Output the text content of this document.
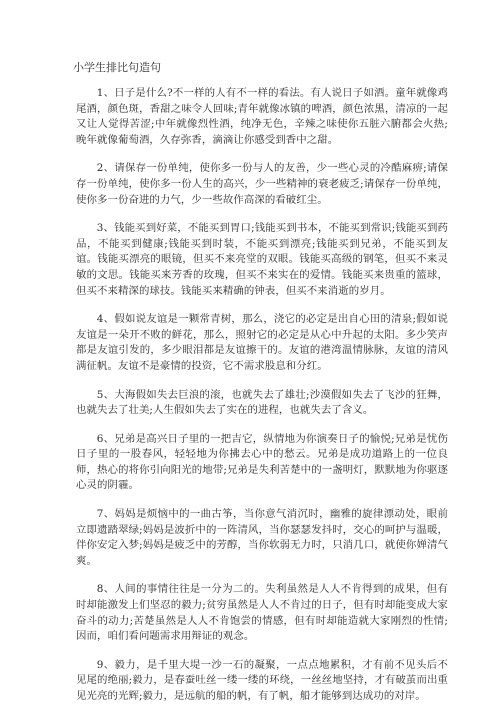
小学生排比句造句

1、日子是什么?不一样的人有不一样的看法。有人说日子如酒。童年就像鸡尾酒，颜色斑，香甜之味令人回味;青年就像冰镇的啤酒，颜色浓黑，清凉的一起又让人觉得苦涩;中年就像烈性酒，纯净无色，辛辣之味使你五脏六腑都会火热;晚年就像葡萄酒，久存弥香，滴滴让你感受到香中之甜。

2、请保存一份单纯，使你多一份与人的友善，少一些心灵的冷酷麻痹;请保存一份单纯，使你多一份人生的高兴，少一些精神的衰老疲乏;请保存一份单纯，使你多一份奋进的力气，少一些故作高深的看破红尘。

3、钱能买到好菜，不能买到胃口;钱能买到书本，不能买到常识;钱能买到药品，不能买到健康;钱能买到时装，不能买到漂亮;钱能买到兄弟，不能买到友谊。钱能买漂亮的眼镜，但买不来亮堂的双眼。钱能买高级的钢笔，但买不来灵敏的文思。钱能买来芳香的玫瑰，但买不来实在的爱情。钱能买来贵重的篮球，但买不来精深的球技。钱能买来精确的钟表，但买不来消逝的岁月。

4、假如说友谊是一颗常青树，那么，浇它的必定是出自心田的清泉;假如说友谊是一朵开不败的鲜花，那么，照射它的必定是从心中升起的太阳。多少笑声都是友谊引发的，多少眼泪都是友谊擦干的。友谊的港湾温情脉脉，友谊的清风满征帆。友谊不是豪情的投资，它不需求股息和分红。

5、大海假如失去巨浪的滚，也就失去了雄壮;沙漠假如失去了飞沙的狂舞，也就失去了壮美;人生假如失去了实在的进程，也就失去了含义。

6、兄弟是高兴日子里的一把吉它，纵情地为你演奏日子的愉悦;兄弟是忧伤日子里的一股春风，轻轻地为你拂去心中的愁云。兄弟是成功道路上的一位良师，热心的将你引向阳光的地带;兄弟是失利苦楚中的一盏明灯，默默地为你驱逐心灵的阴霾。

7、妈妈是烦恼中的一曲古筝，当你意气消沉时，幽雅的旋律漂动处，眼前立即遗踏翠绿;妈妈是波折中的一阵清风，当你瑟瑟发抖时，交心的呵护与温暖，伴你安定入梦;妈妈是疲乏中的芳醇，当你软弱无力时，只消几口，就使你婵清气爽。

8、人间的事情往往是一分为二的。失利虽然是人人不肯得到的成果，但有时却能激发上们坚忍的毅力;贫穷虽然是人人不肯过的日子，但有时却能变成大家奋斗的动力;苦楚虽然是人人不肯饱尝的情感，但有时却能造就大家刚烈的性情;因而，咱们看问题需求用辩证的观念。

9、毅力，是千里大堤一沙一石的凝聚，一点点地累积，才有前不见头后不见尾的绝丽;毅力，是春蚕吐丝一缕一缕的环绕，一丝丝地坚持，才有破茧而出重见光亮的光辉;毅力，是远航的船的帆，有了帆，船才能够到达成功的对岸。
